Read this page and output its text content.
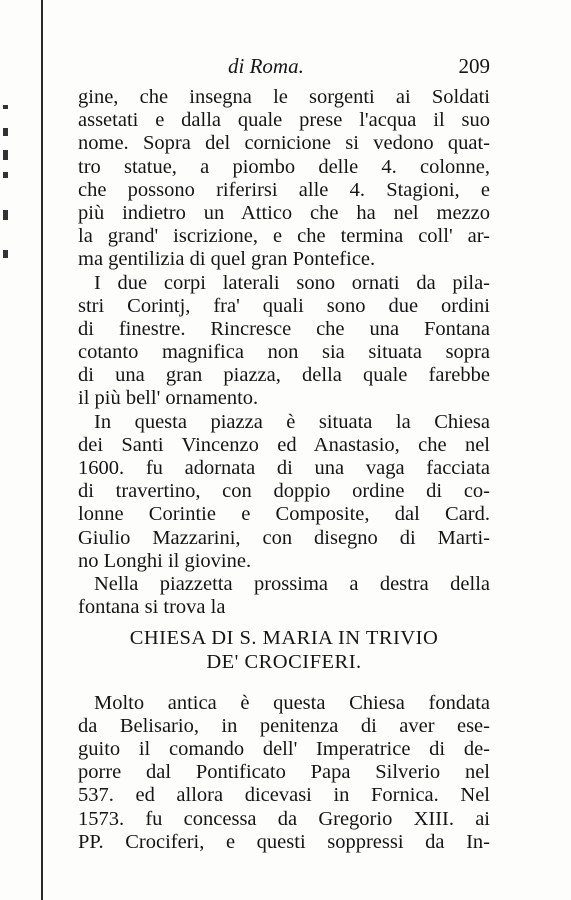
di Roma.	209
gine, che insegna le sorgenti ai Soldati
assetati e dalla quale prese l'acqua il suo
nome. Sopra del cornicione si vedono quat-
tro statue, a piombo delle 4. colonne,
che possono riferirsi alle 4. Stagioni, e
più indietro un Attico che ha nel mezzo
la grand' iscrizione, e che termina coll' ar-
ma gentilizia di quel gran Pontefice.
I due corpi laterali sono ornati da pila-
stri Corintj, fra' quali sono due ordini
di finestre. Rincresce che una Fontana
cotanto magnifica non sia situata sopra
di una gran piazza, della quale farebbe
il più bell' ornamento.
In questa piazza è situata la Chiesa
dei Santi Vincenzo ed Anastasio, che nel
1600. fu adornata di una vaga facciata
di travertino, con doppio ordine di co-
lonne Corintie e Composite, dal Card.
Giulio Mazzarini, con disegno di Marti-
no Longhi il giovine.
Nella piazzetta prossima a destra della
fontana si trova la
CHIESA DI S. MARIA IN TRIVIO
DE' CROCIFERI.
Molto antica è questa Chiesa fondata
da Belisario, in penitenza di aver ese-
guito il comando dell' Imperatrice di de-
porre dal Pontificato Papa Silverio nel
537. ed allora dicevasi in Fornica. Nel
1573. fu concessa da Gregorio XIII. ai
PP. Crociferi, e questi soppressi da In-
